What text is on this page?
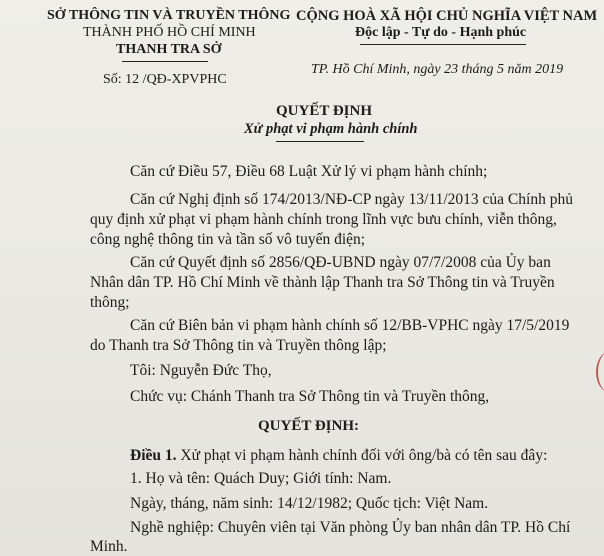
SỞ THÔNG TIN VÀ TRUYỀN THÔNG
THÀNH PHỐ HỒ CHÍ MINH
THANH TRA SỞ
Số: 12 /QĐ-XPVPHC
CỘNG HOÀ XÃ HỘI CHỦ NGHĨA VIỆT NAM
Độc lập - Tự do - Hạnh phúc
TP. Hồ Chí Minh, ngày 23 tháng 5 năm 2019
QUYẾT ĐỊNH
Xử phạt vi phạm hành chính
Căn cứ Điều 57, Điều 68 Luật Xử lý vi phạm hành chính;
Căn cứ Nghị định số 174/2013/NĐ-CP ngày 13/11/2013 của Chính phủ
quy định xử phạt vi phạm hành chính trong lĩnh vực bưu chính, viễn thông,
công nghệ thông tin và tần số vô tuyến điện;
Căn cứ Quyết định số 2856/QĐ-UBND ngày 07/7/2008 của Ủy ban
Nhân dân TP. Hồ Chí Minh về thành lập Thanh tra Sở Thông tin và Truyền
thông;
Căn cứ Biên bản vi phạm hành chính số 12/BB-VPHC ngày 17/5/2019
do Thanh tra Sở Thông tin và Truyền thông lập;
Tôi: Nguyễn Đức Thọ,
Chức vụ: Chánh Thanh tra Sở Thông tin và Truyền thông,
QUYẾT ĐỊNH:
Điều 1. Xử phạt vi phạm hành chính đối với ông/bà có tên sau đây:
1. Họ và tên: Quách Duy; Giới tính: Nam.
Ngày, tháng, năm sinh: 14/12/1982; Quốc tịch: Việt Nam.
Nghề nghiệp: Chuyên viên tại Văn phòng Ủy ban nhân dân TP. Hồ Chí
Minh.
